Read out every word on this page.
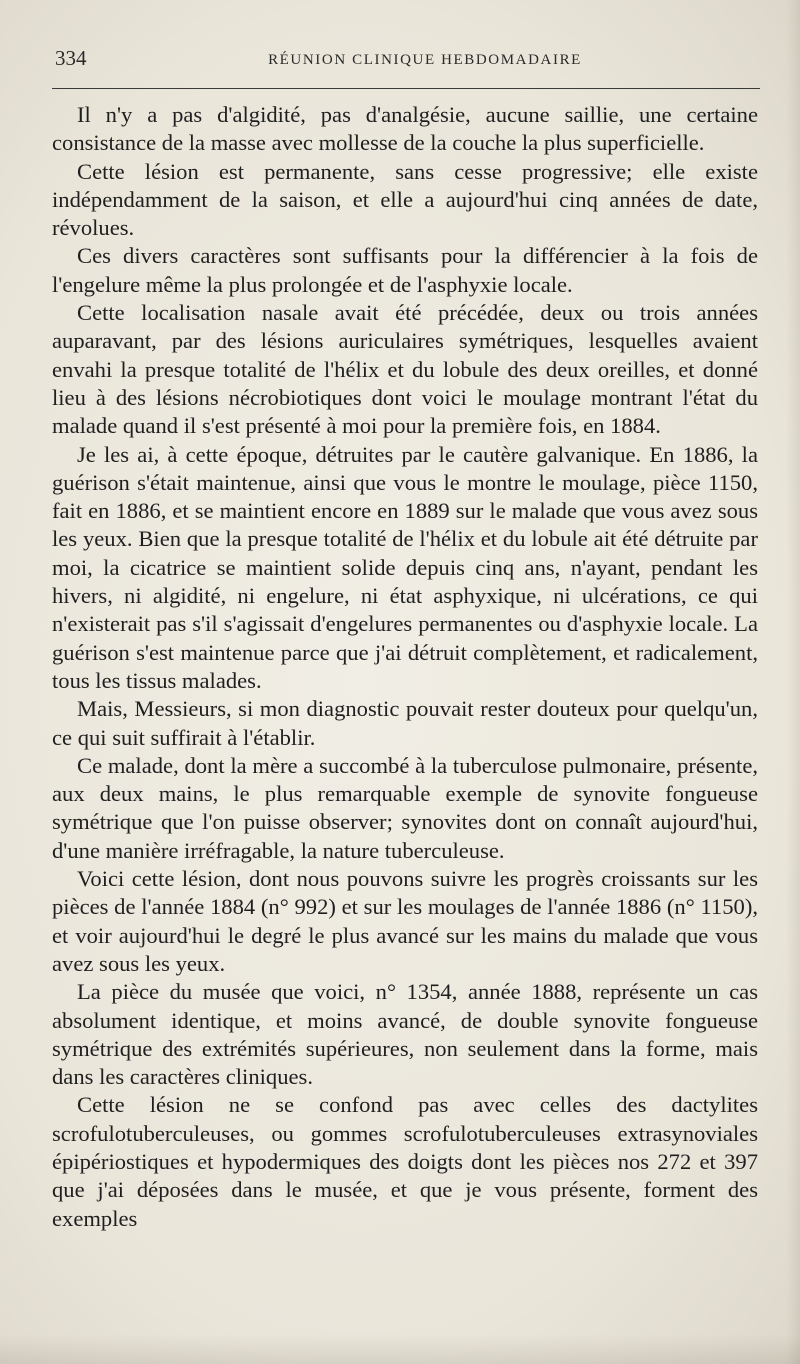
334	RÉUNION CLINIQUE HEBDOMADAIRE

Il n'y a pas d'algidité, pas d'analgésie, aucune saillie, une certaine consistance de la masse avec mollesse de la couche la plus superficielle.

Cette lésion est permanente, sans cesse progressive; elle existe indépendamment de la saison, et elle a aujourd'hui cinq années de date, révolues.

Ces divers caractères sont suffisants pour la différencier à la fois de l'engelure même la plus prolongée et de l'asphyxie locale.

Cette localisation nasale avait été précédée, deux ou trois années auparavant, par des lésions auriculaires symétriques, lesquelles avaient envahi la presque totalité de l'hélix et du lobule des deux oreilles, et donné lieu à des lésions nécrobiotiques dont voici le moulage montrant l'état du malade quand il s'est présenté à moi pour la première fois, en 1884.

Je les ai, à cette époque, détruites par le cautère galvanique. En 1886, la guérison s'était maintenue, ainsi que vous le montre le moulage, pièce 1150, fait en 1886, et se maintient encore en 1889 sur le malade que vous avez sous les yeux. Bien que la presque totalité de l'hélix et du lobule ait été détruite par moi, la cicatrice se maintient solide depuis cinq ans, n'ayant, pendant les hivers, ni algidité, ni engelure, ni état asphyxique, ni ulcérations, ce qui n'existerait pas s'il s'agissait d'engelures permanentes ou d'asphyxie locale. La guérison s'est maintenue parce que j'ai détruit complètement, et radicalement, tous les tissus malades.

Mais, Messieurs, si mon diagnostic pouvait rester douteux pour quelqu'un, ce qui suit suffirait à l'établir.

Ce malade, dont la mère a succombé à la tuberculose pulmonaire, présente, aux deux mains, le plus remarquable exemple de synovite fongueuse symétrique que l'on puisse observer; synovites dont on connaît aujourd'hui, d'une manière irréfragable, la nature tuberculeuse.

Voici cette lésion, dont nous pouvons suivre les progrès croissants sur les pièces de l'année 1884 (n° 992) et sur les moulages de l'année 1886 (n° 1150), et voir aujourd'hui le degré le plus avancé sur les mains du malade que vous avez sous les yeux.

La pièce du musée que voici, n° 1354, année 1888, représente un cas absolument identique, et moins avancé, de double synovite fongueuse symétrique des extrémités supérieures, non seulement dans la forme, mais dans les caractères cliniques.

Cette lésion ne se confond pas avec celles des dactylites scrofulotuberculeuses, ou gommes scrofulotuberculeuses extrasynoviales épipériostiques et hypodermiques des doigts dont les pièces nos 272 et 397 que j'ai déposées dans le musée, et que je vous présente, forment des exemples
